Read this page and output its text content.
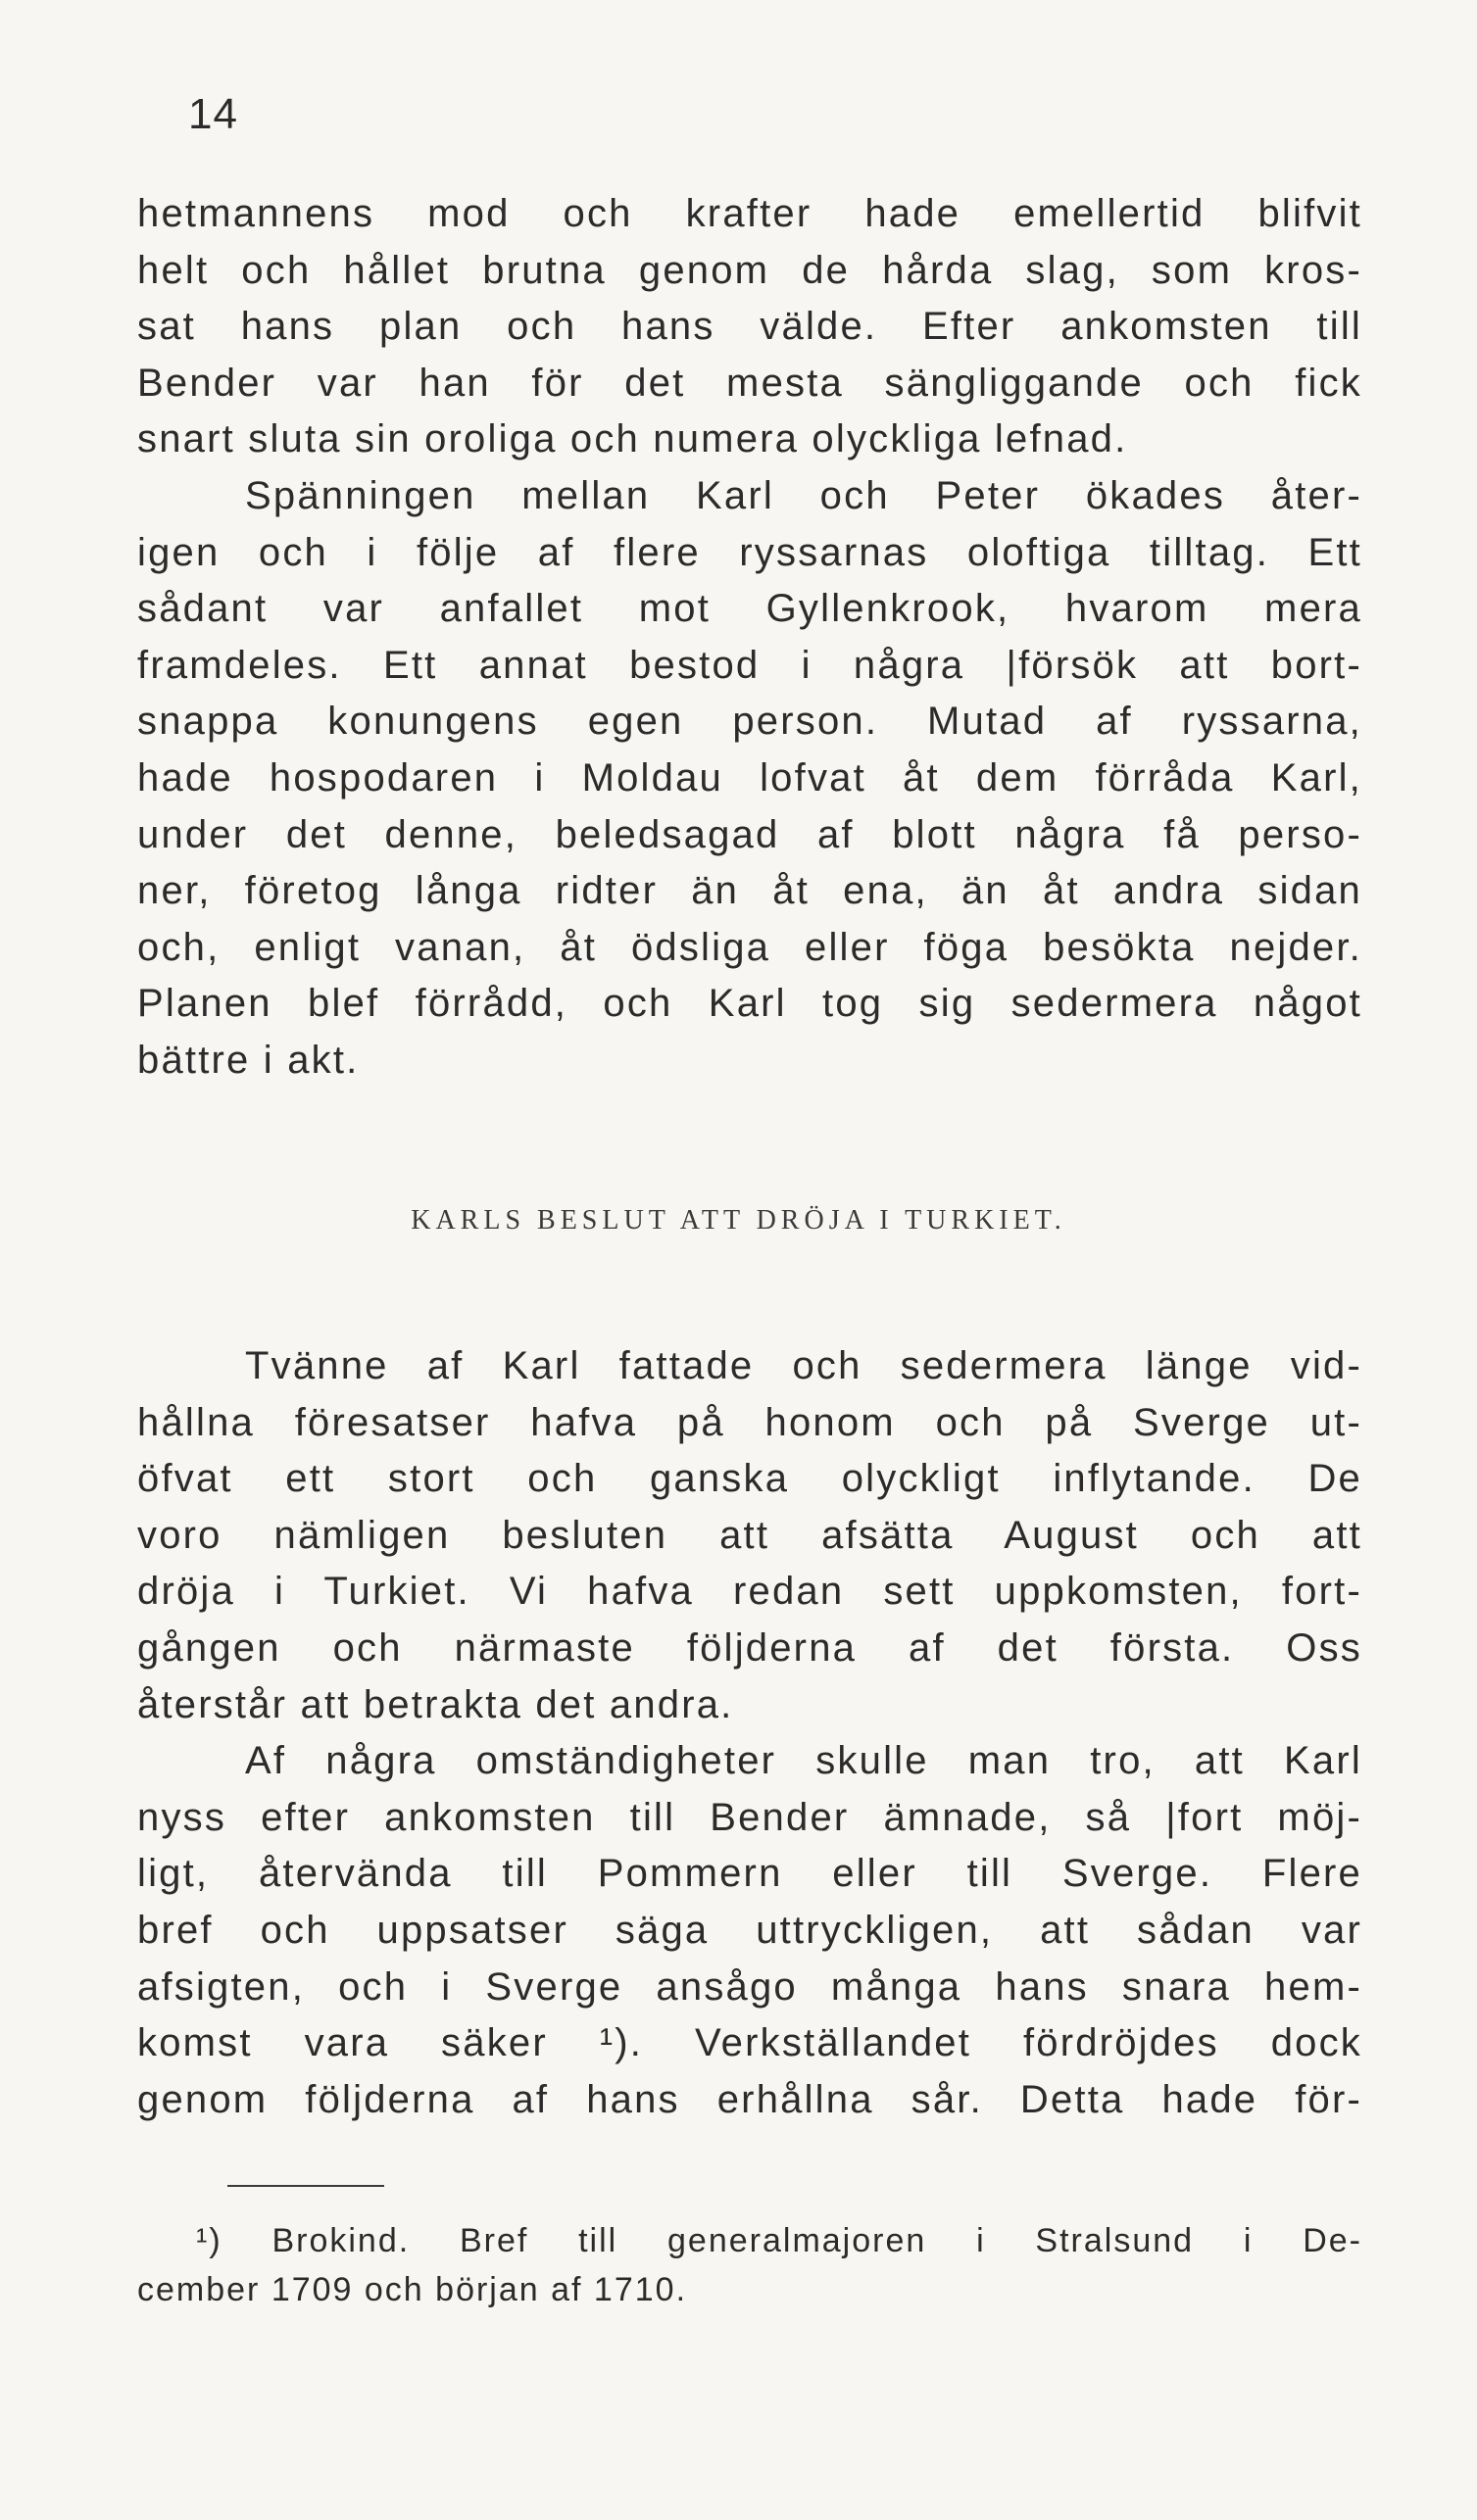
14
hetmannens mod och krafter hade emellertid blifvit
helt och hållet brutna genom de hårda slag, som kros-
sat hans plan och hans välde. Efter ankomsten till
Bender var han för det mesta sängliggande och fick
snart sluta sin oroliga och numera olyckliga lefnad.
Spänningen mellan Karl och Peter ökades åter-
igen och i följe af flere ryssarnas oloftiga tilltag. Ett
sådant var anfallet mot Gyllenkrook, hvarom mera
framdeles. Ett annat bestod i några |försök att bort-
snappa konungens egen person. Mutad af ryssarna,
hade hospodaren i Moldau lofvat åt dem förråda Karl,
under det denne, beledsagad af blott några få perso-
ner, företog långa ridter än åt ena, än åt andra sidan
och, enligt vanan, åt ödsliga eller föga besökta nejder.
Planen blef förrådd, och Karl tog sig sedermera något
bättre i akt.
KARLS BESLUT ATT DRÖJA I TURKIET.
Tvänne af Karl fattade och sedermera länge vid-
hållna föresatser hafva på honom och på Sverge ut-
öfvat ett stort och ganska olyckligt inflytande. De
voro nämligen besluten att afsätta August och att
dröja i Turkiet. Vi hafva redan sett uppkomsten, fort-
gången och närmaste följderna af det första. Oss
återstår att betrakta det andra.
Af några omständigheter skulle man tro, att Karl
nyss efter ankomsten till Bender ämnade, så |fort möj-
ligt, återvända till Pommern eller till Sverge. Flere
bref och uppsatser säga uttryckligen, att sådan var
afsigten, och i Sverge ansågo många hans snara hem-
komst vara säker ¹). Verkställandet fördröjdes dock
genom följderna af hans erhållna sår. Detta hade för-
¹) Brokind. Bref till generalmajoren i Stralsund i De-
cember 1709 och början af 1710.
